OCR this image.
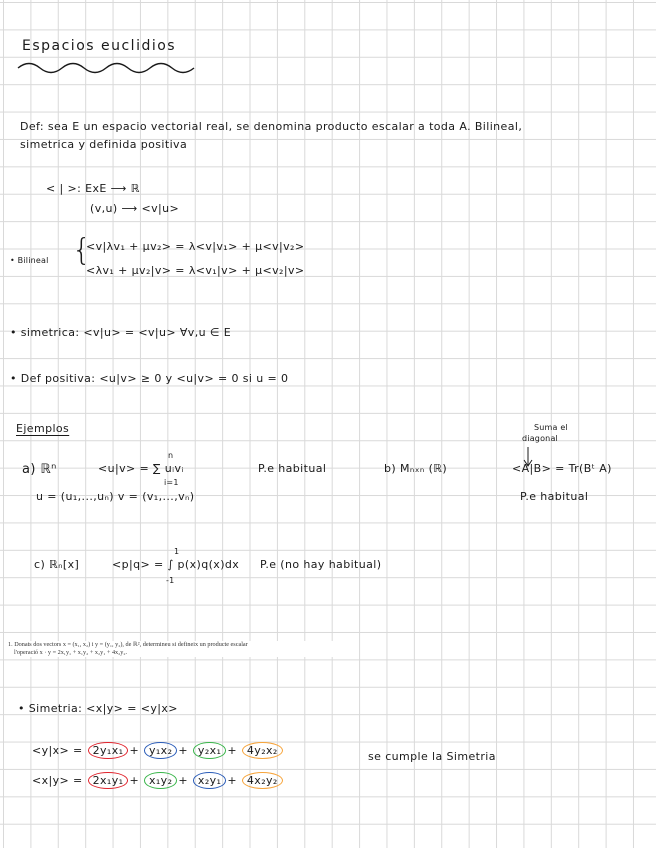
Espacios euclidios
Def: sea E un espacio vectorial real, se denomina producto escalar a toda A. Bilineal,
simetrica y definida positiva
< | >: ExE ⟶ ℝ
(v,u) ⟶ <v|u>
• Bilineal {
<v|λv₁ + μv₂> = λ<v|v₁> + μ<v|v₂>
<λv₁ + μv₂|v> = λ<v₁|v> + μ<v₂|v>
• simetrica: <v|u> = <v|u> ∀v,u ∈ E
• Def positiva: <u|v> ≥ 0 y <u|v> = 0 si u = 0
Ejemplos	Suma el
diagonal
a) ℝⁿ
n
<u|v> = ∑ uᵢvᵢ
i=1
P.e habitual
u = (u₁,...,uₙ) v = (v₁,...,vₙ)
b) Mₙₓₙ (ℝ)	<A|B> = Tr(Bᵗ A)
P.e habitual
1
c) ℝₙ[x]	<p|q> = ∫ p(x)q(x)dx
-1
P.e (no hay habitual)
1. Donats dos vectors x = (x₁, x₂) i y = (y₁, y₂), de ℝ², determineu si defineix un producte escalar
l'operació x · y = 2x₁y₁ + x₁y₂ + x₂y₁ + 4x₂y₂.
• Simetria: <x|y> = <y|x>
<y|x> = 2y₁x₁ + y₁x₂ + y₂x₁ + 4y₂x₂	se cumple la Simetria
<x|y> = 2x₁y₁ + x₁y₂ + x₂y₁ + 4x₂y₂
